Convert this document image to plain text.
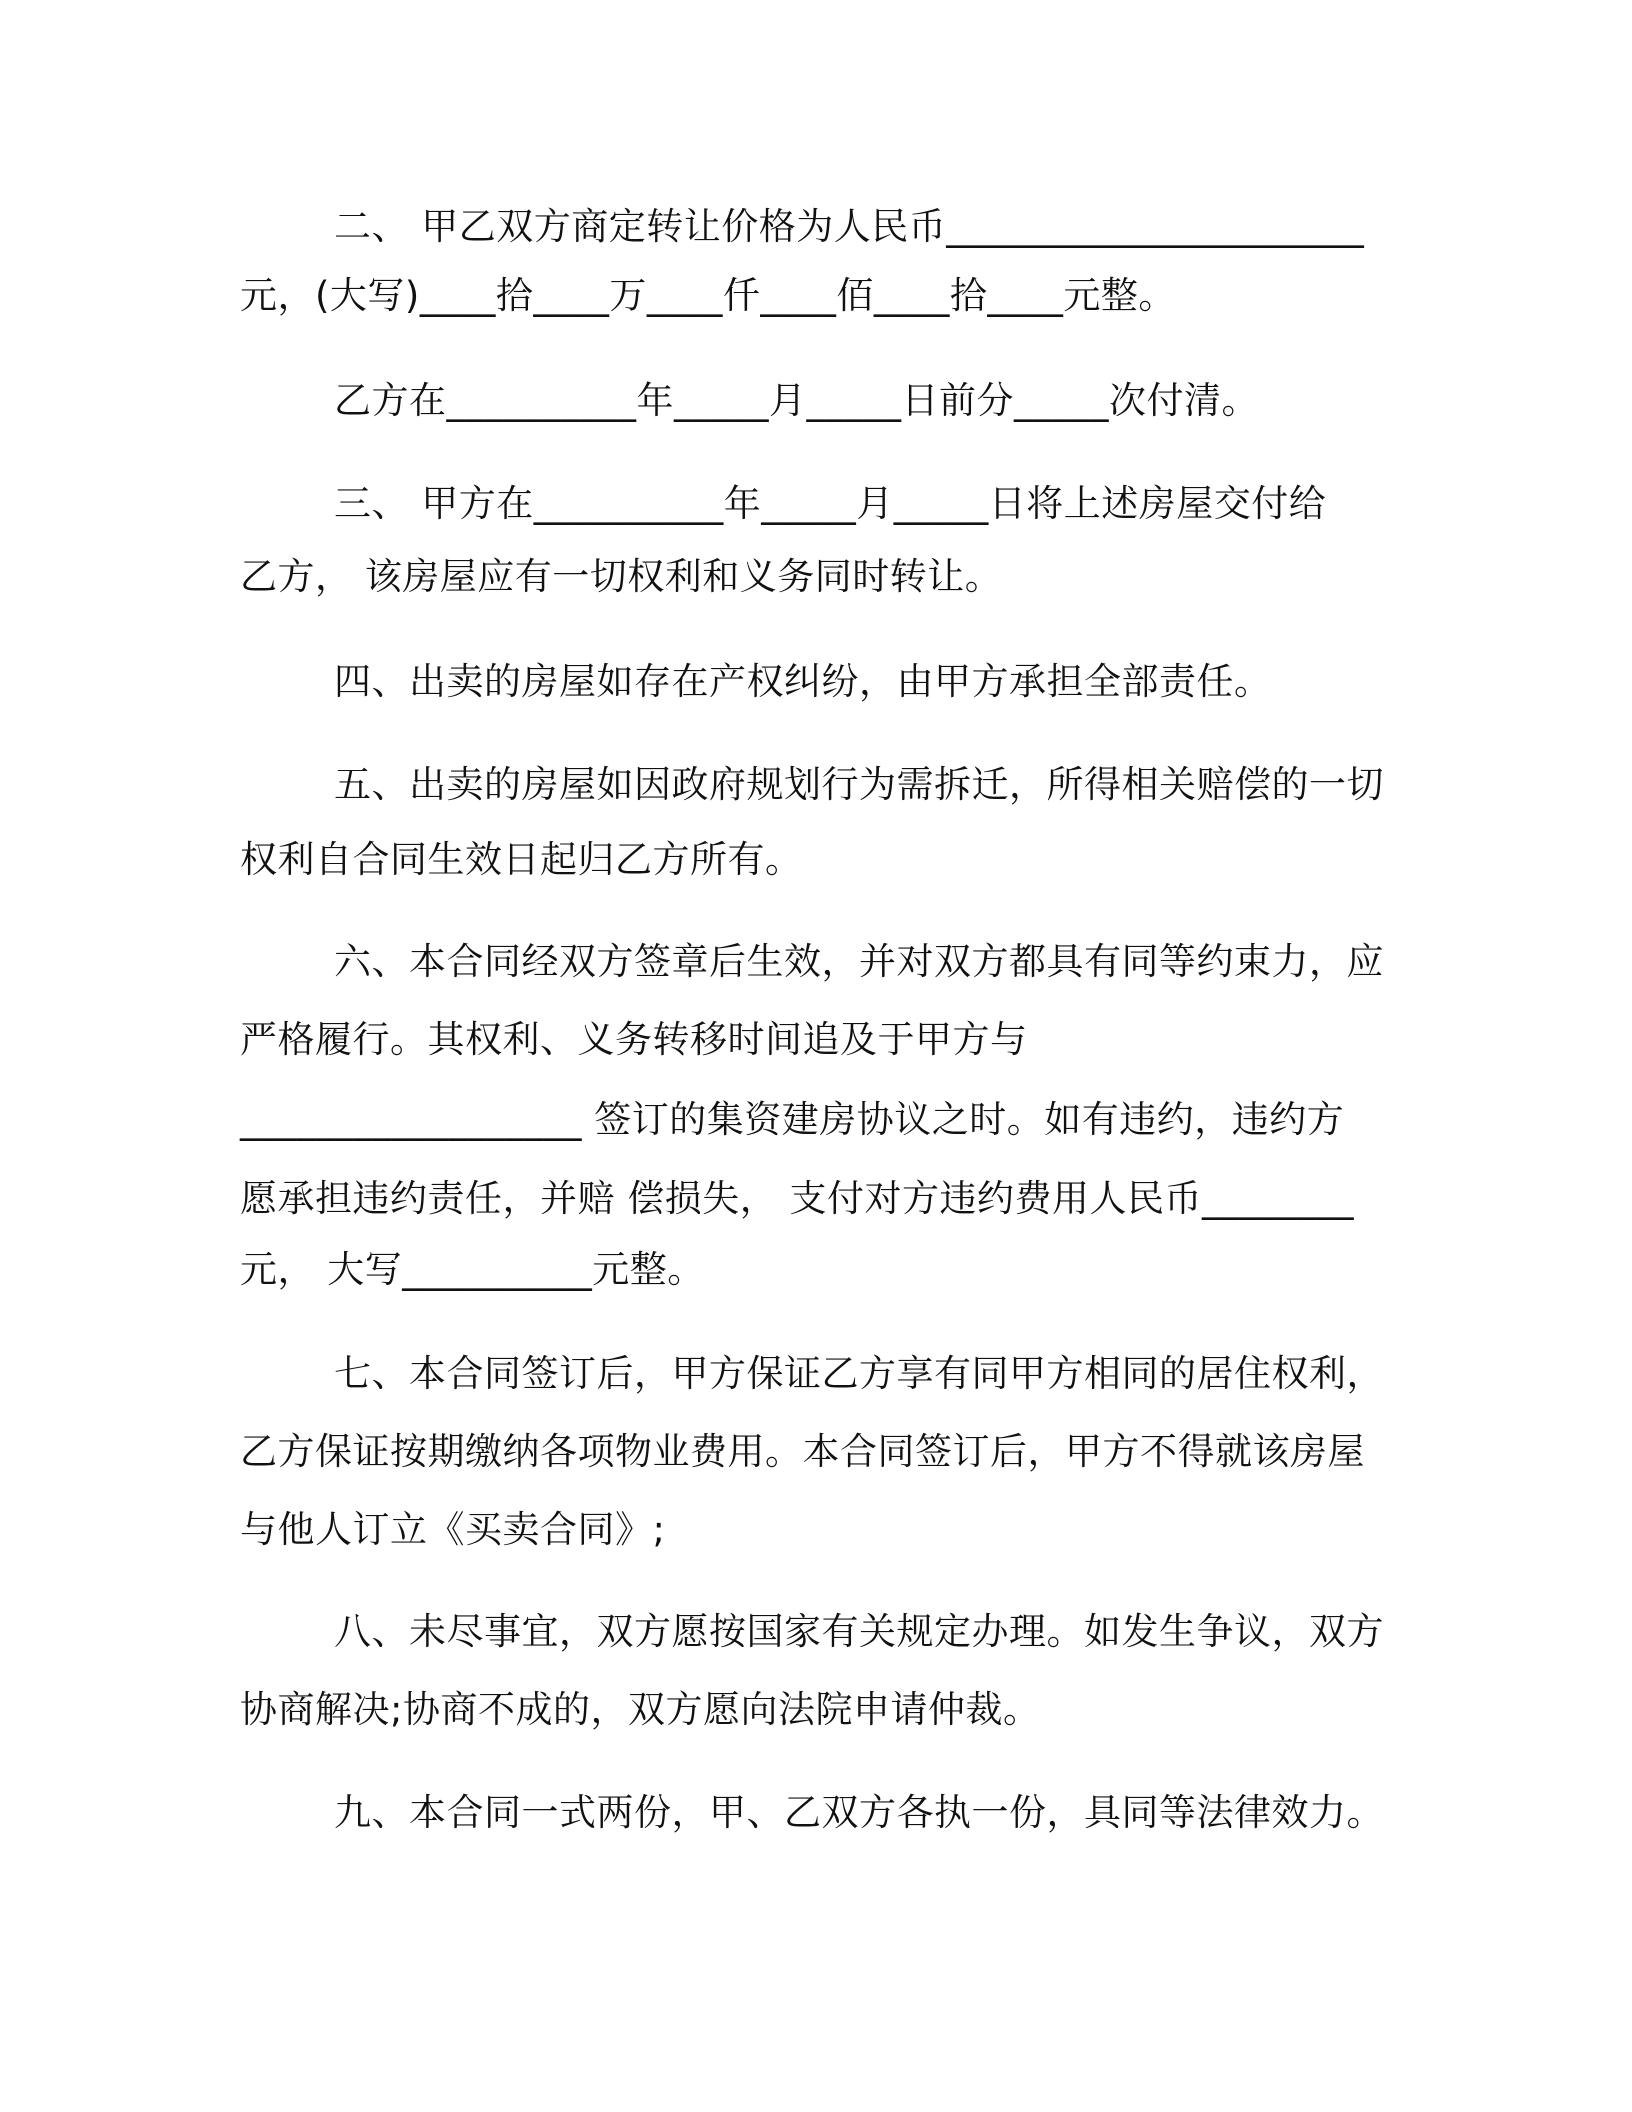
二、 甲乙双方商定转让价格为人民币______________________
元，(大写)____拾____万____仟____佰____拾____元整。
乙方在__________年_____月_____日前分_____次付清。
三、 甲方在__________年_____月_____日将上述房屋交付给
乙方， 该房屋应有一切权利和义务同时转让。
四、出卖的房屋如存在产权纠纷，由甲方承担全部责任。
五、出卖的房屋如因政府规划行为需拆迁，所得相关赔偿的一切
权利自合同生效日起归乙方所有。
六、本合同经双方签章后生效，并对双方都具有同等约束力，应
严格履行。其权利、义务转移时间追及于甲方与
__________________ 签订的集资建房协议之时。如有违约，违约方
愿承担违约责任，并赔 偿损失， 支付对方违约费用人民币________
元， 大写__________元整。
七、本合同签订后，甲方保证乙方享有同甲方相同的居住权利，
乙方保证按期缴纳各项物业费用。本合同签订后，甲方不得就该房屋
与他人订立《买卖合同》;
八、未尽事宜，双方愿按国家有关规定办理。如发生争议，双方
协商解决;协商不成的，双方愿向法院申请仲裁。
九、本合同一式两份，甲、乙双方各执一份，具同等法律效力。
